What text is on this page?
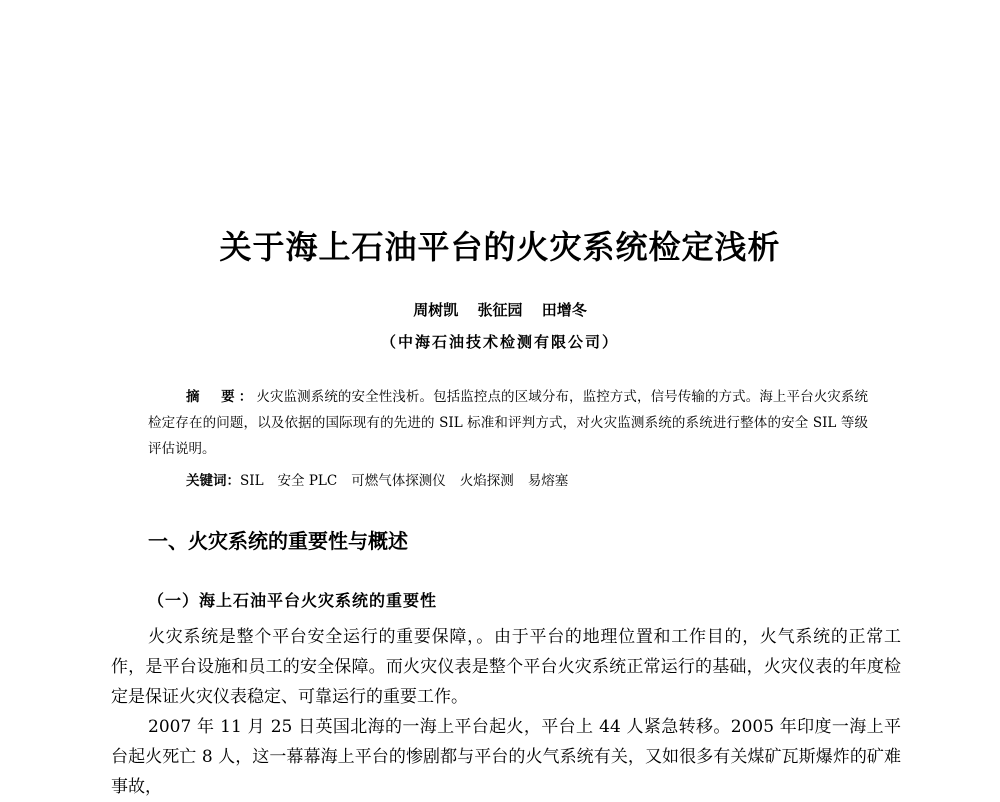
关于海上石油平台的火灾系统检定浅析
周树凯 张征园 田增冬
（中海石油技术检测有限公司）

摘　要：火灾监测系统的安全性浅析。包括监控点的区域分布，监控方式，信号传输的方式。海上平台火灾系统检定存在的问题，以及依据的国际现有的先进的 SIL 标准和评判方式，对火灾监测系统的系统进行整体的安全 SIL 等级评估说明。

关键词：SIL 安全 PLC 可燃气体探测仪 火焰探测 易熔塞

一、火灾系统的重要性与概述
（一）海上石油平台火灾系统的重要性

火灾系统是整个平台安全运行的重要保障，。由于平台的地理位置和工作目的，火气系统的正常工作，是平台设施和员工的安全保障。而火灾仪表是整个平台火灾系统正常运行的基础，火灾仪表的年度检定是保证火灾仪表稳定、可靠运行的重要工作。

2007 年 11 月 25 日英国北海的一海上平台起火，平台上 44 人紧急转移。2005 年印度一海上平台起火死亡 8 人，这一幕幕海上平台的惨剧都与平台的火气系统有关，又如很多有关煤矿瓦斯爆炸的矿难事故，
